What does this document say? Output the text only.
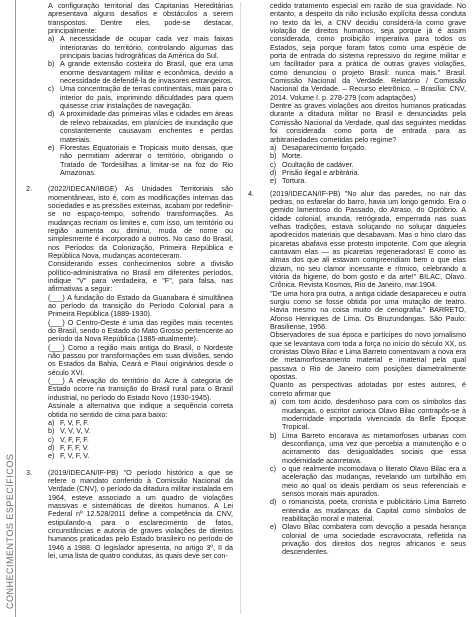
CONHECIMENTOS ESPECÍFICOS

A configuração territorial das Capitanias Hereditárias apresentava alguns desafios e obstáculos a serem transpostos. Dentre eles, pode-se destacar, principalmente:

a) A necessidade de ocupar cada vez mais faixas interioranas do território, controlando algumas das principais bacias hidrográficas da América do Sul.
b) A grande extensão costeira do Brasil, que era uma enorme desvantagem militar e econômica, devido a necessidade de defendê-la de invasores estrangeiros.
c) Uma concentração de terras continentais, mais para o interior do país, imprimindo dificuldades para quem quisesse criar instalações de navegação.
d) A proximidade das primeiras vilas e cidades em áreas de relevo rebaixadas, em planícies de inundação que constantemente causavam enchentes e perdas materiais.
e) Florestas Equatoriais e Tropicais muito densas, que não permitiam adentrar o território, obrigando o Tratado de Tordesilhas a limitar-se na foz do Rio Amazonas.
2. (2022/IDECAN/IBGE) As Unidades Territoriais são momentâneas, isto é, com as modificações internas das sociedades e as pressões externas, acabam por redefinir-se no espaço-tempo, sofrendo transformações. As mudanças recriam os limites e, com isso, um território ou região aumenta ou diminui, muda de nome ou simplesmente é incorporado a outros. No caso do Brasil, nos Períodos da Colonização, Primeira República e República Nova, mudanças aconteceram.

Considerando esses conhecimentos sobre a divisão político-administrativa no Brasil em diferentes períodos, indique "V" para verdadeira, e "F", para falsa, nas afirmativas a seguir:

(___) A fundação do Estado da Guanabara é simultânea ao período da transição do Período Colonial para a Primeira República (1889-1930).

(___) O Centro-Oeste é uma das regiões mais recentes do Brasil, sendo o Estado do Mato Grosso pertencente ao período da Nova República (1985-atualmente).

(___) Como a região mais antiga do Brasil, o Nordeste não passou por transformações em suas divisões, sendo os Estados da Bahia, Ceará e Piauí originários desde o século XVI.

(___) A elevação do território do Acre à categoria de Estado ocorre na transição do Brasil rural para o Brasil industrial, no período do Estado Novo (1930-1945).

Assinale a alternativa que indique a sequência correta obtida no sentido de cima para baixo:

a) F, V, F, F.
b) V, V, V, V.
c) V, F, F, F.
d) F, F, F, V.
e) F, V, F, V.
3. (2019/IDECAN/IF-PB) "O período histórico a que se refere o mandato conferido à Comissão Nacional da Verdade (CNV), o período da ditadura militar instalada em 1964, esteve associado a um quadro de violações massivas e sistemáticas de direitos humanos. A Lei Federal nº 12.528/2011 define a competência da CNV, estipulando-a para o esclarecimento de fatos, circunstâncias e autoria de graves violações de direitos humanos praticadas pelo Estado brasileiro no período de 1946 a 1988. O legislador apresenta, no artigo 3º, II da lei, uma lista de quatro condutas, às quais deve ser con-

cedido tratamento especial em razão de sua gravidade. No entanto, a despeito da não inclusão explícita dessa conduta no texto da lei, a CNV decidiu considerá-la como grave violação de direitos humanos, seja porque já é assim considerada, como proibição imperativa para todos os Estados, seja porque foram fatos como uma espécie de porta de entrada do sistema repressivo do regime militar e um facilitador para a prática de outras graves violações, como denunciou o projeto Brasil: nunca mais." Brasil. Comissão Nacional da Verdade. Relatório / Comissão Nacional da Verdade. – Recurso eletrônico. – Brasília: CNV, 2014. Volume I. p. 278-279 (com adaptações)

Dentre as graves violações aos direitos humanos praticadas durante a ditadura militar no Brasil e denunciadas pela Comissão Nacional da Verdade, qual das seguintes medidas foi considerada como porta de entrada para as arbitrariedades cometidas pelo regime?

a) Desaparecimento forçado.
b) Morte.
c) Ocultação de cadáver.
d) Prisão ilegal e arbitrária.
e) Tortura.
4. (2019/IDECAN/IF-PB) "No aluir das paredes, no ruir das pedras, no esfarelar do barro, havia um longo gemido. Era o gemido lamentoso do Passado, do Atraso, do Opróbrio. A cidade colonial, imunda, retrógrada, emperrada nas suas velhas tradições, estava soluçando no soluçar daqueles apodrecidos materiais que desabavam. Mas o hino claro das picaretas abafava esse protesto impotente. Com que alegria cantavam elas — as picaretas regeneradoras! E como as almas dos que ali estavam compreendiam bem o que elas diziam, no seu clamor incessante e rítmico, celebrando a vitória da higiene, do bom gosto e da arte!" BILAC, Olavo. Crônica. Revista Kosmos, Rio de Janeiro, mar.1904.

"De uma hora pra outra, a antiga cidade desapareceu e outra surgiu como se fosse obtida por uma mutação de teatro. Havia mesmo na coisa muito de cenografia." BARRETO, Afonso Henriques de Lima. Os Bruzundangas. São Paulo: Brasiliense, 1956.

Observadores de sua época e partícipes do novo jornalismo que se levantava com toda a força no início do século XX, os cronistas Olavo Bilac e Lima Barreto comentavam a nova era de metamorfoseamento material e imaterial pela qual passava o Rio de Janeiro com posições diametralmente opostas.

Quanto as perspectivas adotadas por estes autores, é correto afirmar que

a) com tom ácido, desdenhoso para com os símbolos das mudanças, o escritor carioca Olavo Bilac contrapôs-se à modernidade importada vivenciada da Belle Époque Tropical.
b) Lima Barreto encarava as metamorfoses urbanas com desconfiança, uma vez que percebia a manutenção e o acirramento das desigualdades sociais que essa modernidade acarretava.
c) o que realmente incomodava o literato Olavo Bilac era a aceleração das mudanças, revelando um turbilhão em meio ao qual os ideais perdiam os seus referenciais e sensos morais mais apurados.
d) o romancista, poeta, cronista e publicitário Lima Barreto entendia as mudanças da Capital como símbolos de reabilitação moral e material.
e) Olavo Bilac combatera com devoção a pesada herança colonial de uma sociedade escravocrata, refletida na privação dos direitos dos negros africanos e seus descendentes.
